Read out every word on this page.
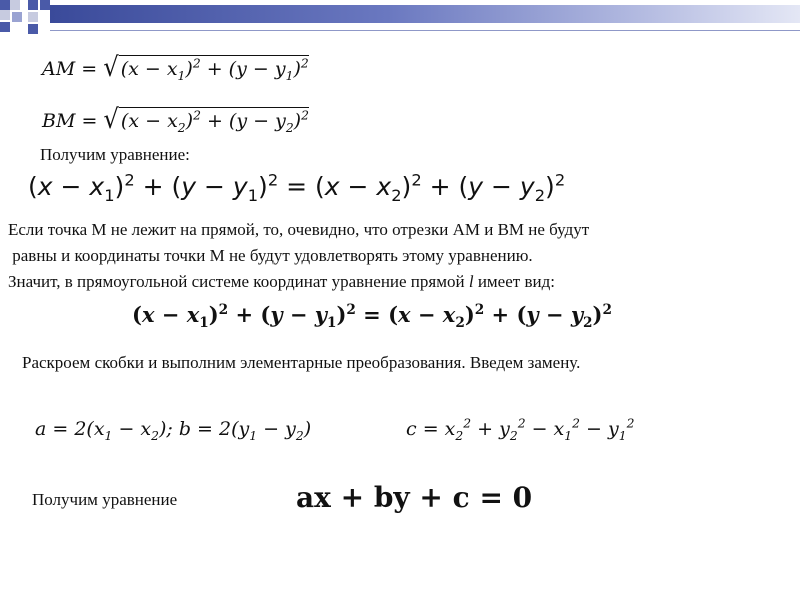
AM = √ $(x - x_1)^2 + (y - y_1)^2$
BM = √ $(x - x_2)^2 + (y - y_2)^2$
Получим уравнение:
$(x - x_1)^2 + (y - y_1)^2 = (x - x_2)^2 + (y - y_2)^2$
Если точка М не лежит на прямой, то, очевидно, что отрезки АМ и ВМ не будут
равны и координаты точки М не будут удовлетворять этому уравнению.
Значит, в прямоугольной системе координат уравнение прямой l имеет вид:
$(x - x_1)^2 + (y - y_1)^2 = (x - x_2)^2 + (y - y_2)^2$
Раскроем скобки и выполним элементарные преобразования. Введем замену.
$a = 2(x_1 - x_2)$; $b = 2(y_1 - y_2)$	$c = x_2^2 + y_2^2 - x_1^2 - y_1^2$
Получим уравнение	ax + by + c = 0
